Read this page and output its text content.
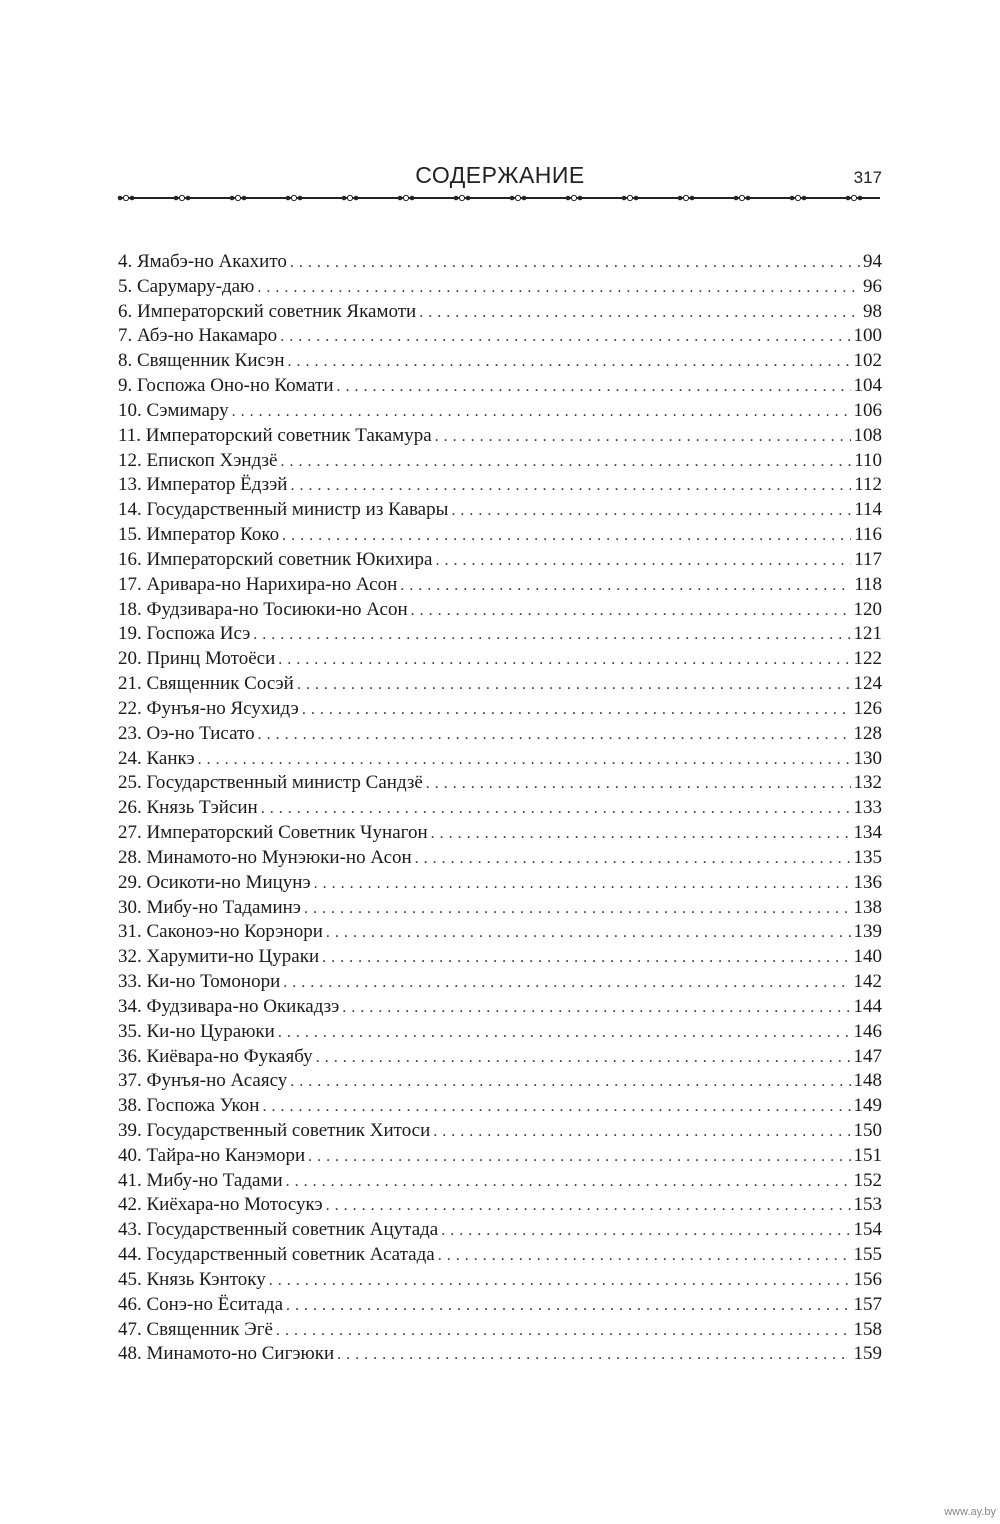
СОДЕРЖАНИЕ	317
4. Ямабэ-но Акахито . . .	94
5. Сарумару-даю . . .	96
6. Императорский советник Якамоти . . .	98
7. Абэ-но Накамаро . . .	100
8. Священник Кисэн . . .	102
9. Госпожа Оно-но Комати . . .	104
10. Сэмимару . . .	106
11. Императорский советник Такамура . . .	108
12. Епископ Хэндзё . . .	110
13. Император Ёдзэй . . .	112
14. Государственный министр из Кавары . . .	114
15. Император Коко . . .	116
16. Императорский советник Юкихира . . .	117
17. Аривара-но Нарихира-но Асон . . .	118
18. Фудзивара-но Тосиюки-но Асон . . .	120
19. Госпожа Исэ . . .	121
20. Принц Мотоёси . . .	122
21. Священник Сосэй . . .	124
22. Фунъя-но Ясухидэ . . .	126
23. Оэ-но Тисато . . .	128
24. Канкэ . . .	130
25. Государственный министр Сандзё . . .	132
26. Князь Тэйсин . . .	133
27. Императорский Советник Чунагон . . .	134
28. Минамото-но Мунэюки-но Асон . . .	135
29. Осикоти-но Мицунэ . . .	136
30. Мибу-но Тадаминэ . . .	138
31. Саконоэ-но Корэнори . . .	139
32. Харумити-но Цураки . . .	140
33. Ки-но Томонори . . .	142
34. Фудзивара-но Окикадзэ . . .	144
35. Ки-но Цураюки . . .	146
36. Киёвара-но Фукаябу . . .	147
37. Фунъя-но Асаясу . . .	148
38. Госпожа Укон . . .	149
39. Государственный советник Хитоси . . .	150
40. Тайра-но Канэмори . . .	151
41. Мибу-но Тадами . . .	152
42. Киёхара-но Мотосукэ . . .	153
43. Государственный советник Ацутада . . .	154
44. Государственный советник Асатада . . .	155
45. Князь Кэнтоку . . .	156
46. Сонэ-но Ёситада . . .	157
47. Священник Эгё . . .	158
48. Минамото-но Сигэюки . . .	159
www.ay.by
